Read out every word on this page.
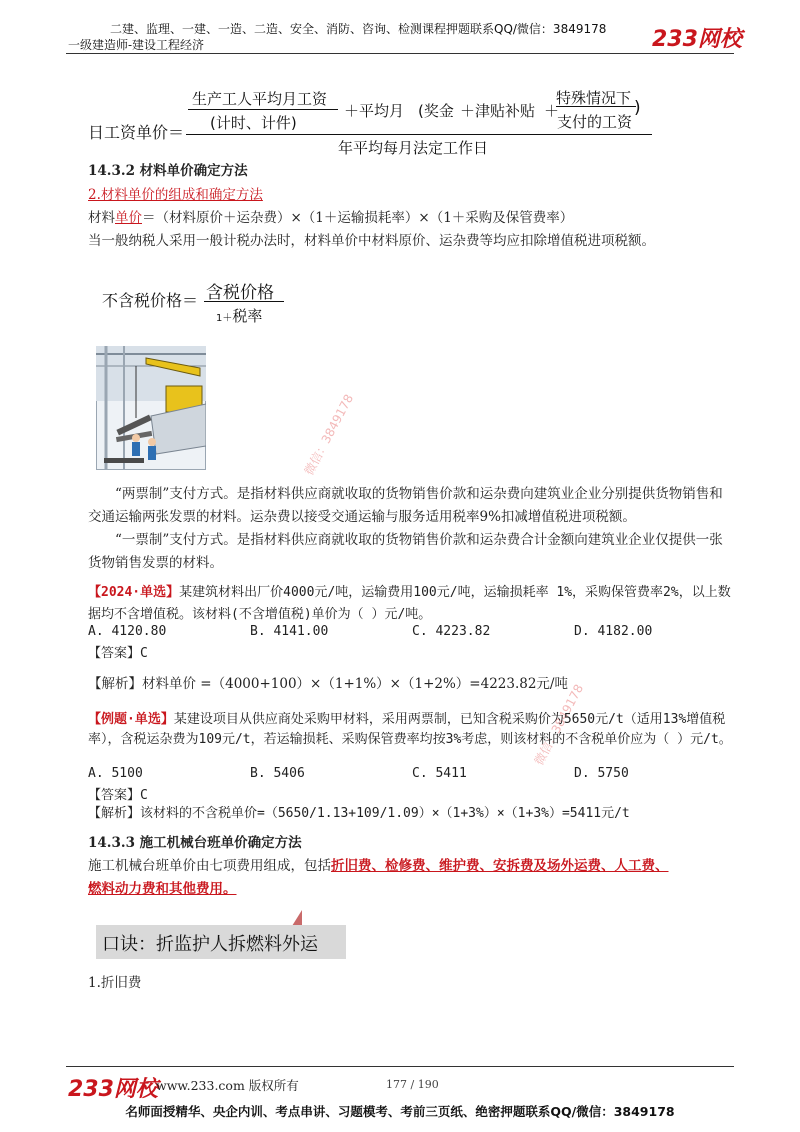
二建、监理、一建、一造、二造、安全、消防、咨询、检测课程押题联系QQ/微信：3849178
一级建造师-建设工程经济	233网校
日工资单价＝
生产工人平均月工资
(计时、计件)
＋平均月 (奖金 ＋津贴补贴 ＋
特殊情况下
支付的工资
)
年平均每月法定工作日
14.3.2 材料单价确定方法
2.材料单价的组成和确定方法
材料单价＝（材料原价＋运杂费）×（1＋运输损耗率）×（1＋采购及保管费率）
当一般纳税人采用一般计税办法时，材料单价中材料原价、运杂费等均应扣除增值税进项税额。
不含税价格＝ 含税价格
1＋税率
微信：3849178
微信：3849178
“两票制”支付方式。是指材料供应商就收取的货物销售价款和运杂费向建筑业企业分别提供货物销售和交通运输两张发票的材料。运杂费以接受交通运输与服务适用税率9%扣减增值税进项税额。
“一票制”支付方式。是指材料供应商就收取的货物销售价款和运杂费合计金额向建筑业企业仅提供一张货物销售发票的材料。
【2024·单选】某建筑材料出厂价4000元/吨，运输费用100元/吨，运输损耗率 1%，采购保管费率2%，以上数据均不含增值税。该材料(不含增值税)单价为（ ）元/吨。
A. 4120.80	B. 4141.00	C. 4223.82	D. 4182.00
【答案】C
【解析】材料单价 =（4000+100）×（1+1%）×（1+2%）=4223.82元/吨
【例题·单选】某建设项目从供应商处采购甲材料，采用两票制，已知含税采购价为5650元/t（适用13%增值税率），含税运杂费为109元/t，若运输损耗、采购保管费率均按3%考虑，则该材料的不含税单价应为（ ）元/t。
A. 5100	B. 5406	C. 5411	D. 5750
【答案】C
【解析】该材料的不含税单价=（5650/1.13+109/1.09）×（1+3%）×（1+3%）=5411元/t
14.3.3 施工机械台班单价确定方法
施工机械台班单价由七项费用组成，包括折旧费、检修费、维护费、安拆费及场外运费、人工费、
燃料动力费和其他费用。
口诀：折监护人拆燃料外运
1.折旧费
233网校
www.233.com 版权所有	177 / 190
名师面授精华、央企内训、考点串讲、习题模考、考前三页纸、绝密押题联系QQ/微信：3849178
